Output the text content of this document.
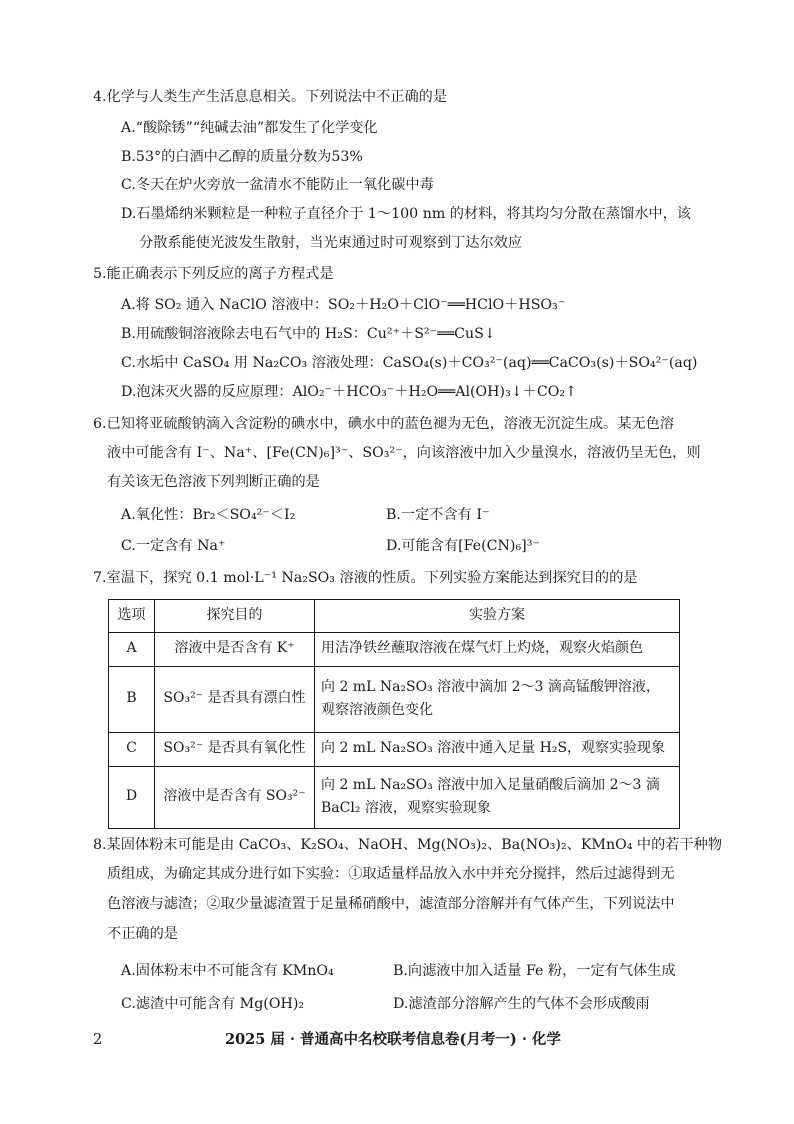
4.化学与人类生产生活息息相关。下列说法中不正确的是
A.“酸除锈”“纯碱去油”都发生了化学变化
B.53°的白酒中乙醇的质量分数为53%
C.冬天在炉火旁放一盆清水不能防止一氧化碳中毒
D.石墨烯纳米颗粒是一种粒子直径介于 1～100 nm 的材料，将其均匀分散在蒸馏水中，该
分散系能使光波发生散射，当光束通过时可观察到丁达尔效应
5.能正确表示下列反应的离子方程式是
A.将 SO₂ 通入 NaClO 溶液中：SO₂＋H₂O＋ClO⁻══HClO＋HSO₃⁻
B.用硫酸铜溶液除去电石气中的 H₂S：Cu²⁺＋S²⁻══CuS↓
C.水垢中 CaSO₄ 用 Na₂CO₃ 溶液处理：CaSO₄(s)＋CO₃²⁻(aq)══CaCO₃(s)＋SO₄²⁻(aq)
D.泡沫灭火器的反应原理：AlO₂⁻＋HCO₃⁻＋H₂O══Al(OH)₃↓＋CO₂↑
6.已知将亚硫酸钠滴入含淀粉的碘水中，碘水中的蓝色褪为无色，溶液无沉淀生成。某无色溶
液中可能含有 I⁻、Na⁺、[Fe(CN)₆]³⁻、SO₃²⁻，向该溶液中加入少量溴水，溶液仍呈无色，则
有关该无色溶液下列判断正确的是
A.氧化性：Br₂＜SO₄²⁻＜I₂	B.一定不含有 I⁻
C.一定含有 Na⁺	D.可能含有[Fe(CN)₆]³⁻
7.室温下，探究 0.1 mol·L⁻¹ Na₂SO₃ 溶液的性质。下列实验方案能达到探究目的的是
选项	探究目的	实验方案
A	溶液中是否含有 K⁺	用洁净铁丝蘸取溶液在煤气灯上灼烧，观察火焰颜色
B	SO₃²⁻ 是否具有漂白性	向 2 mL Na₂SO₃ 溶液中滴加 2～3 滴高锰酸钾溶液，观察溶液颜色变化
C	SO₃²⁻ 是否具有氧化性	向 2 mL Na₂SO₃ 溶液中通入足量 H₂S，观察实验现象
D	溶液中是否含有 SO₃²⁻	向 2 mL Na₂SO₃ 溶液中加入足量硝酸后滴加 2～3 滴 BaCl₂ 溶液，观察实验现象
8.某固体粉末可能是由 CaCO₃、K₂SO₄、NaOH、Mg(NO₃)₂、Ba(NO₃)₂、KMnO₄ 中的若干种物
质组成，为确定其成分进行如下实验：①取适量样品放入水中并充分搅拌，然后过滤得到无
色溶液与滤渣；②取少量滤渣置于足量稀硝酸中，滤渣部分溶解并有气体产生，下列说法中
不正确的是
A.固体粉末中不可能含有 KMnO₄	B.向滤液中加入适量 Fe 粉，一定有气体生成
C.滤渣中可能含有 Mg(OH)₂	D.滤渣部分溶解产生的气体不会形成酸雨
2	2025 届 · 普通高中名校联考信息卷(月考一) · 化学
